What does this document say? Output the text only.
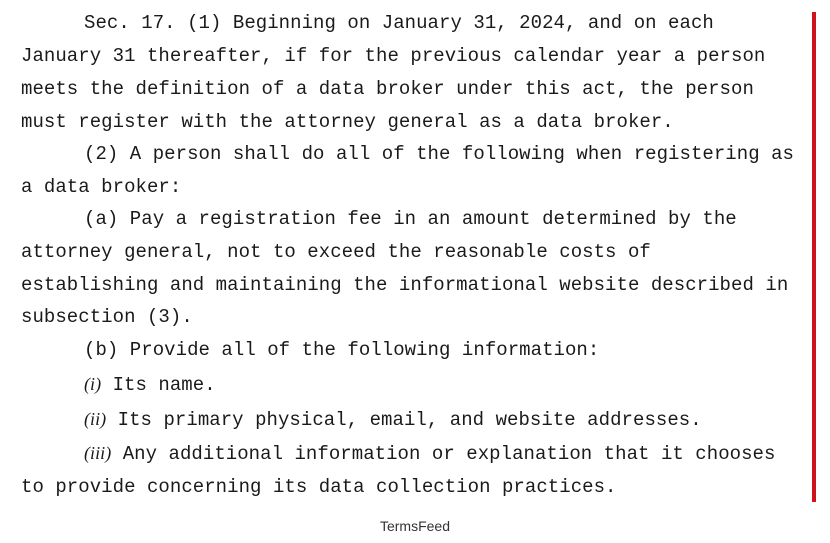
Sec. 17. (1) Beginning on January 31, 2024, and on each
January 31 thereafter, if for the previous calendar year a person
meets the definition of a data broker under this act, the person
must register with the attorney general as a data broker.
(2) A person shall do all of the following when registering as
a data broker:
(a) Pay a registration fee in an amount determined by the
attorney general, not to exceed the reasonable costs of
establishing and maintaining the informational website described in
subsection (3).
(b) Provide all of the following information:
(i) Its name.
(ii) Its primary physical, email, and website addresses.
(iii) Any additional information or explanation that it chooses
to provide concerning its data collection practices.
TermsFeed
